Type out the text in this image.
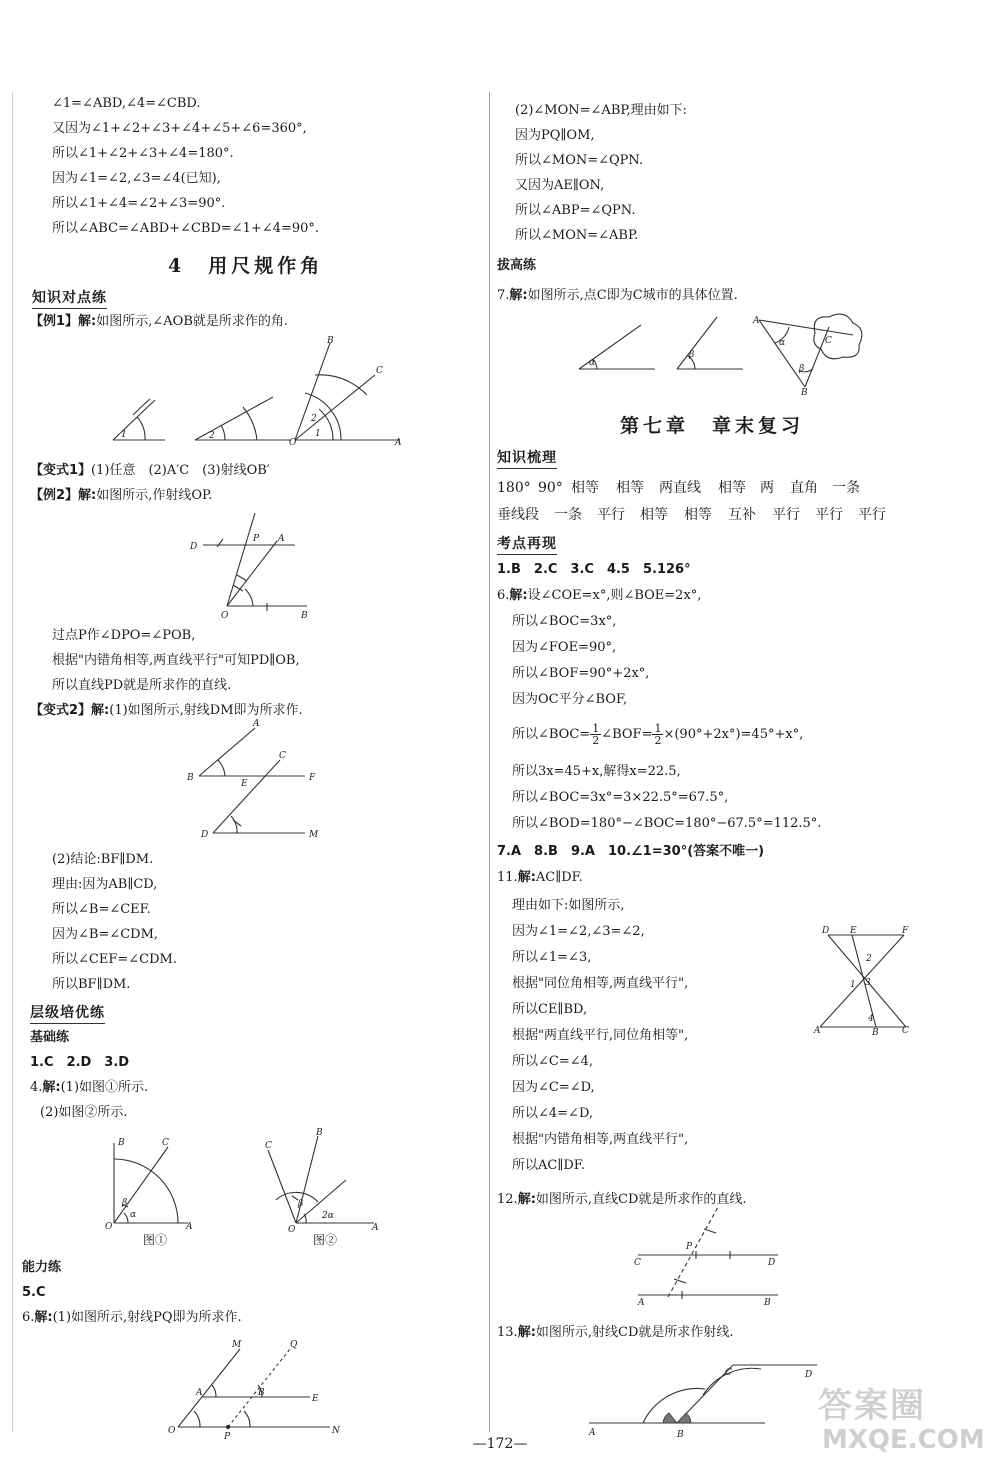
∠1=∠ABD,∠4=∠CBD.
又因为∠1+∠2+∠3+∠4+∠5+∠6=360°,
所以∠1+∠2+∠3+∠4=180°.
因为∠1=∠2,∠3=∠4(已知),
所以∠1+∠4=∠2+∠3=90°.
所以∠ABC=∠ABD+∠CBD=∠1+∠4=90°.
4　用尺规作角
知识对点练
【例1】解:如图所示,∠AOB就是所求作的角.
1	2
2
1
O
B
C
A
【变式1】(1)任意　(2)A′C　(3)射线OB′
【例2】解:如图所示,作射线OP.
D
P A
O	B
过点P作∠DPO=∠POB,
根据"内错角相等,两直线平行"可知PD∥OB,
所以直线PD就是所求作的直线.
【变式2】解:(1)如图所示,射线DM即为所求作.
A
C
B
E
F
D	M
(2)结论:BF∥DM.
理由:因为AB∥CD,
所以∠B=∠CEF.
因为∠B=∠CDM,
所以∠CEF=∠CDM.
所以BF∥DM.
层级培优练
基础练
1.C　2.D　3.D
4.解:(1)如图①所示.
(2)如图②所示.
B	C
β
α
O	A
图①
C
B
β
2α
O	A
图②
能力练
5.C
6.解:(1)如图所示,射线PQ即为所求作.
M	Q
A	B
E
O
P
N
(2)∠MON=∠ABP,理由如下:
因为PQ∥OM,
所以∠MON=∠QPN.
又因为AE∥ON,
所以∠ABP=∠QPN.
所以∠MON=∠ABP.
拔高练
7.解:如图所示,点C即为C城市的具体位置.
α
β
A
α	C
β
B
第七章　章末复习
知识梳理
180° 90° 相等 相等 两直线 相等 两 直角 一条
垂线段 一条 平行 相等 相等 互补 平行 平行 平行
考点再现
1.B　2.C　3.C　4.5　5.126°
6.解:设∠COE=x°,则∠BOE=2x°,
所以∠BOC=3x°,
因为∠FOE=90°,
所以∠BOF=90°+2x°,
因为OC平分∠BOF,
所以∠BOC= $\frac{1}{2}$ ∠BOF= $\frac{1}{2} \times(90^\circ+2x^\circ)=45^\circ+x^\circ$,
所以3x=45+x,解得x=22.5,
所以∠BOC=3x°=3×22.5°=67.5°,
所以∠BOD=180°−∠BOC=180°−67.5°=112.5°.
7.A　8.B　9.A　10.∠1=30°(答案不唯一)
11.解:AC∥DF.
理由如下:如图所示,
因为∠1=∠2,∠3=∠2,
所以∠1=∠3,
根据"同位角相等,两直线平行",
所以CE∥BD,
根据"两直线平行,同位角相等",
所以∠C=∠4,
因为∠C=∠D,
所以∠4=∠D,
根据"内错角相等,两直线平行",
所以AC∥DF.
D E	F
2
3
1
4
A	B	C
12.解:如图所示,直线CD就是所求作的直线.
P
C	D
A	B
13.解:如图所示,射线CD就是所求作射线.
A	B
C	D
—172—
答案圈
MXQE.COM
